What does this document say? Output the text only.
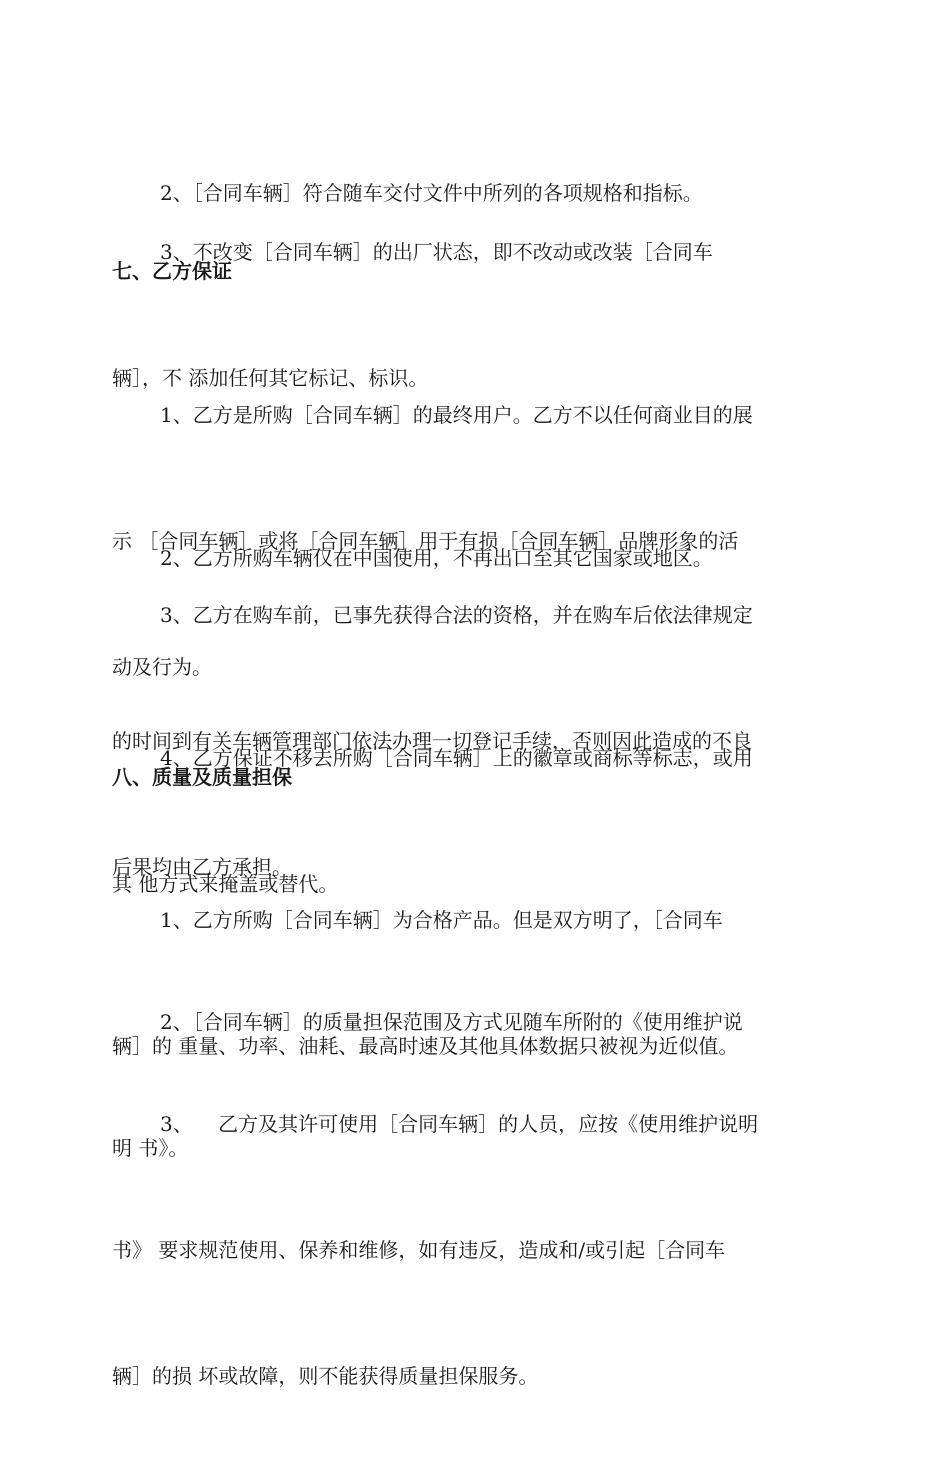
2、［合同车辆］符合随车交付文件中所列的各项规格和指标。

3、不改变［合同车辆］的出厂状态，即不改动或改装［合同车

辆］，不 添加任何其它标记、标识。

七、乙方保证

1、乙方是所购［合同车辆］的最终用户。乙方不以任何商业目的展

示 ［合同车辆］或将［合同车辆］用于有损［合同车辆］品牌形象的活

动及行为。

2、乙方所购车辆仅在中国使用，不再出口至其它国家或地区。

3、乙方在购车前，已事先获得合法的资格，并在购车后依法律规定

的时间到有关车辆管理部门依法办理一切登记手续，否则因此造成的不良

后果均由乙方承担。

4、乙方保证不移去所购［合同车辆］上的徽章或商标等标志，或用

其 他方式来掩盖或替代。

八、质量及质量担保

1、乙方所购［合同车辆］为合格产品。但是双方明了，［合同车

辆］的 重量、功率、油耗、最高时速及其他具体数据只被视为近似值。

2、［合同车辆］的质量担保范围及方式见随车所附的《使用维护说

明 书》。

3、    乙方及其许可使用［合同车辆］的人员，应按《使用维护说明

书》 要求规范使用、保养和维修，如有违反，造成和/或引起［合同车

辆］的损 坏或故障，则不能获得质量担保服务。
